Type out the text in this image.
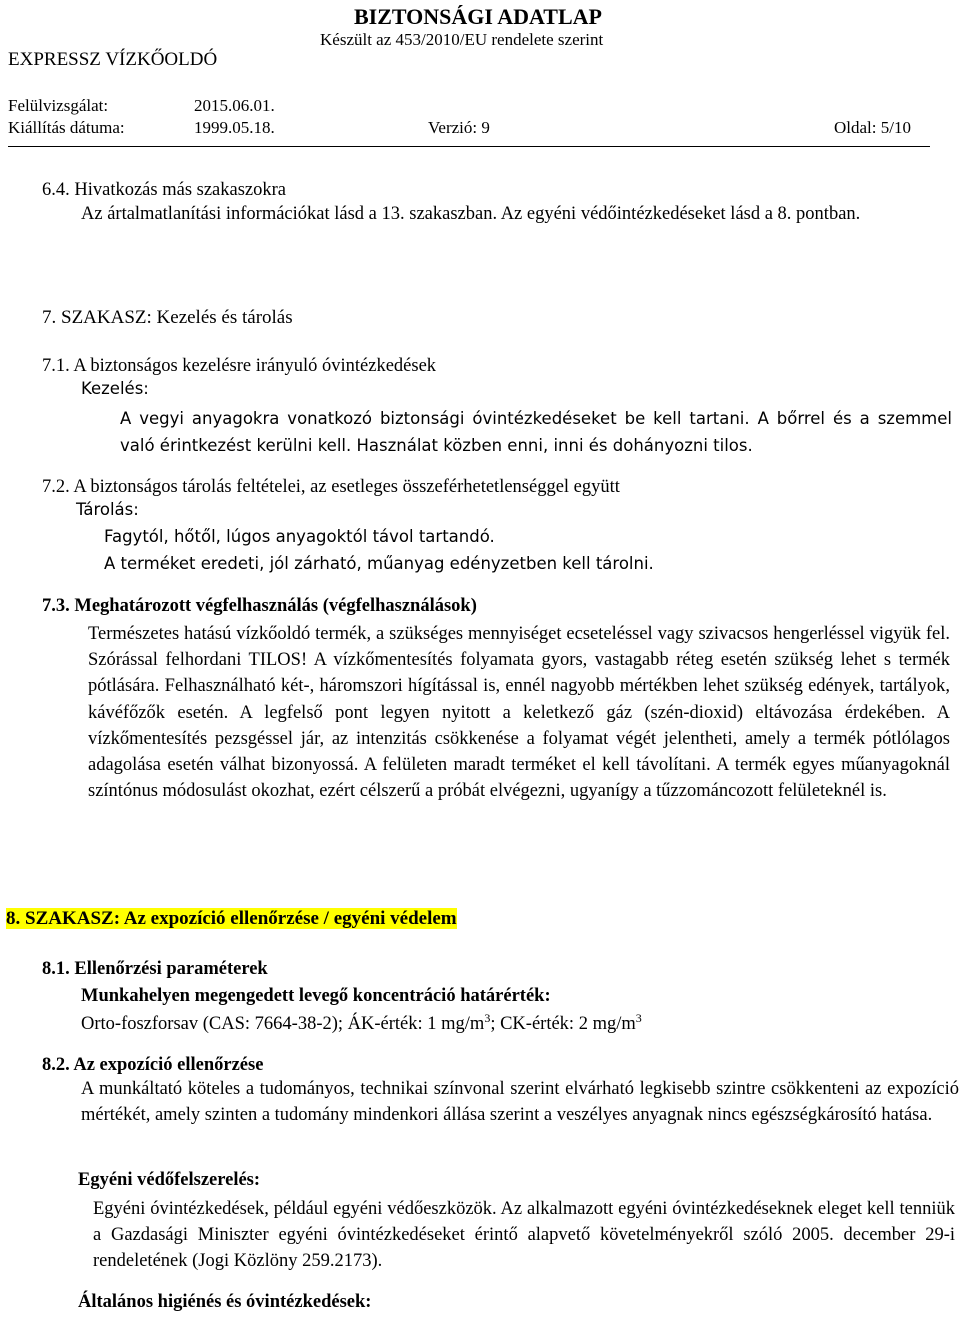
BIZTONSÁGI ADATLAP
Készült az 453/2010/EU rendelete szerint
EXPRESSZ VÍZKŐOLDÓ
Felülvizsgálat:	2015.06.01.
Kiállítás dátuma:	1999.05.18.	Verzió: 9	Oldal: 5/10
6.4. Hivatkozás más szakaszokra

Az ártalmatlanítási információkat lásd a 13. szakaszban. Az egyéni védőintézkedéseket lásd a 8. pontban.

7. SZAKASZ: Kezelés és tárolás
7.1. A biztonságos kezelésre irányuló óvintézkedések
Kezelés:

A vegyi anyagokra vonatkozó biztonsági óvintézkedéseket be kell tartani. A bőrrel és a szemmel való érintkezést kerülni kell. Használat közben enni, inni és dohányozni tilos.

7.2. A biztonságos tárolás feltételei, az esetleges összeférhetetlenséggel együtt
Tárolás:
Fagytól, hőtől, lúgos anyagoktól távol tartandó.
A terméket eredeti, jól zárható, műanyag edényzetben kell tárolni.
7.3. Meghatározott végfelhasználás (végfelhasználások)

Természetes hatású vízkőoldó termék, a szükséges mennyiséget ecseteléssel vagy szivacsos hengerléssel vigyük fel. Szórással felhordani TILOS! A vízkőmentesítés folyamata gyors, vastagabb réteg esetén szükség lehet s termék pótlására. Felhasználható két-, háromszori hígítással is, ennél nagyobb mértékben lehet szükség edények, tartályok, kávéfőzők esetén. A legfelső pont legyen nyitott a keletkező gáz (szén-dioxid) eltávozása érdekében. A vízkőmentesítés pezsgéssel jár, az intenzitás csökkenése a folyamat végét jelentheti, amely a termék pótlólagos adagolása esetén válhat bizonyossá. A felületen maradt terméket el kell távolítani. A termék egyes műanyagoknál színtónus módosulást okozhat, ezért célszerű a próbát elvégezni, ugyanígy a tűzzománcozott felületeknél is.

8. SZAKASZ: Az expozíció ellenőrzése / egyéni védelem
8.1. Ellenőrzési paraméterek
Munkahelyen megengedett levegő koncentráció határérték:
Orto-foszforsav (CAS: 7664-38-2); ÁK-érték: 1 $mg/m^3$; CK-érték: 2 $mg/m^3$
8.2. Az expozíció ellenőrzése

A munkáltató köteles a tudományos, technikai színvonal szerint elvárható legkisebb szintre csökkenteni az expozíció mértékét, amely szinten a tudomány mindenkori állása szerint a veszélyes anyagnak nincs egészségkárosító hatása.

Egyéni védőfelszerelés:

Egyéni óvintézkedések, például egyéni védőeszközök. Az alkalmazott egyéni óvintézkedéseknek eleget kell tenniük a Gazdasági Miniszter egyéni óvintézkedéseket érintő alapvető követelményekről szóló 2005. december 29-i rendeletének (Jogi Közlöny 259.2173).

Általános higiénés és óvintézkedések:
